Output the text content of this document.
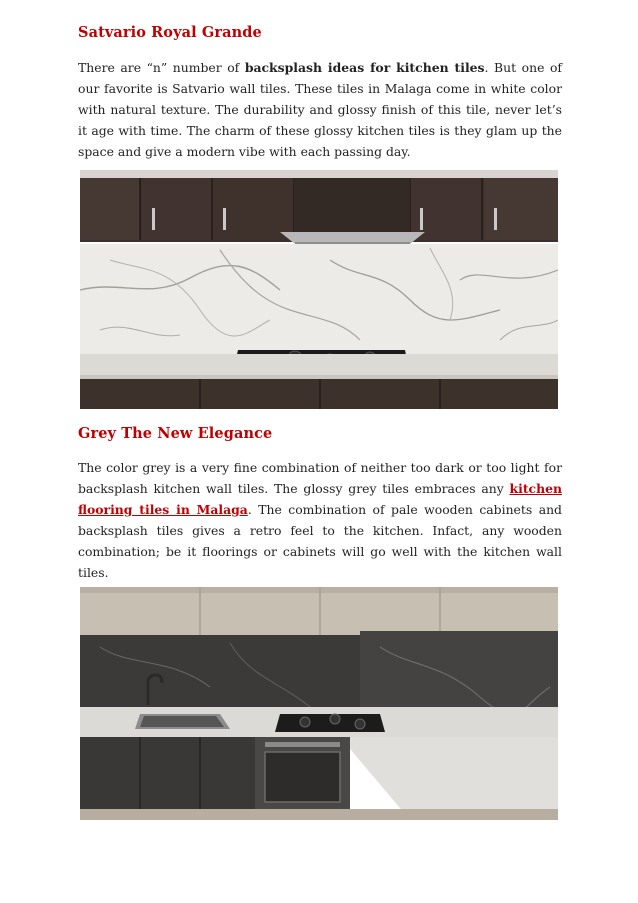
Satvario Royal Grande

There are “n” number of backsplash ideas for kitchen tiles. But one of our favorite is Satvario wall tiles. These tiles in Malaga come in white color with natural texture. The durability and glossy finish of this tile, never let’s it age with time. The charm of these glossy kitchen tiles is they glam up the space and give a modern vibe with each passing day.

Grey The New Elegance

The color grey is a very fine combination of neither too dark or too light for backsplash kitchen wall tiles. The glossy grey tiles embraces any kitchen flooring tiles in Malaga. The combination of pale wooden cabinets and backsplash tiles gives a retro feel to the kitchen. Infact, any wooden combination; be it floorings or cabinets will go well with the kitchen wall tiles.
